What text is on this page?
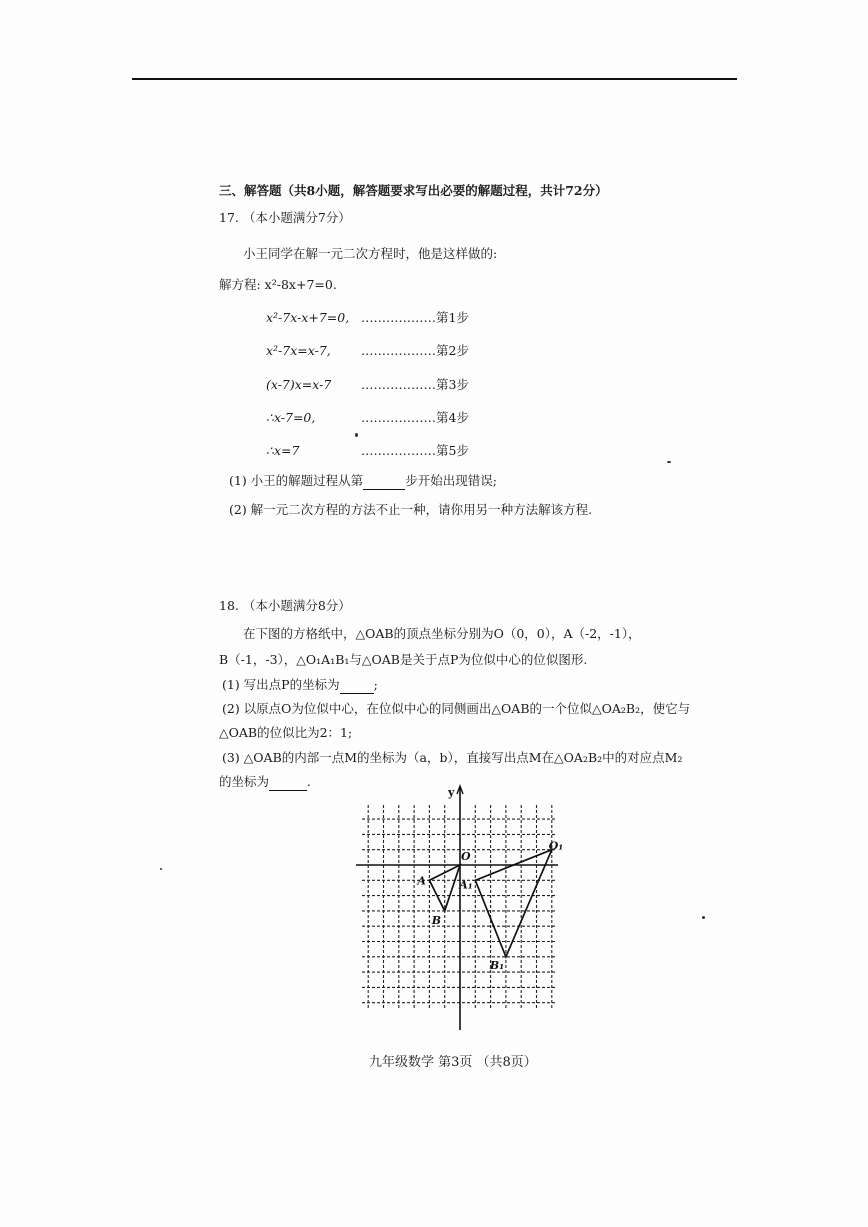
三、解答题（共8小题，解答题要求写出必要的解题过程，共计72分）
17. （本小题满分7分）
小王同学在解一元二次方程时，他是这样做的:
解方程: x²-8x+7=0.
x²-7x-x+7=0, ………………第1步
x²-7x=x-7, ………………第2步
(x-7)x=x-7 ………………第3步
∴x-7=0,	………………第4步
∴x=7	………………第5步
(1) 小王的解题过程从第	步开始出现错误;
(2) 解一元二次方程的方法不止一种，请你用另一种方法解该方程.
18. （本小题满分8分）
在下图的方格纸中，△OAB的顶点坐标分别为O（0，0），A（-2，-1），
B（-1，-3），△O₁A₁B₁与△OAB是关于点P为位似中心的位似图形.
(1) 写出点P的坐标为	;
(2) 以原点O为位似中心，在位似中心的同侧画出△OAB的一个位似△OA₂B₂，使它与
△OAB的位似比为2：1;
(3) △OAB的内部一点M的坐标为（a，b），直接写出点M在△OA₂B₂中的对应点M₂
的坐标为	.
O
A
B
O₁
A₁
B₁
y
九年级数学 第3页 （共8页）
